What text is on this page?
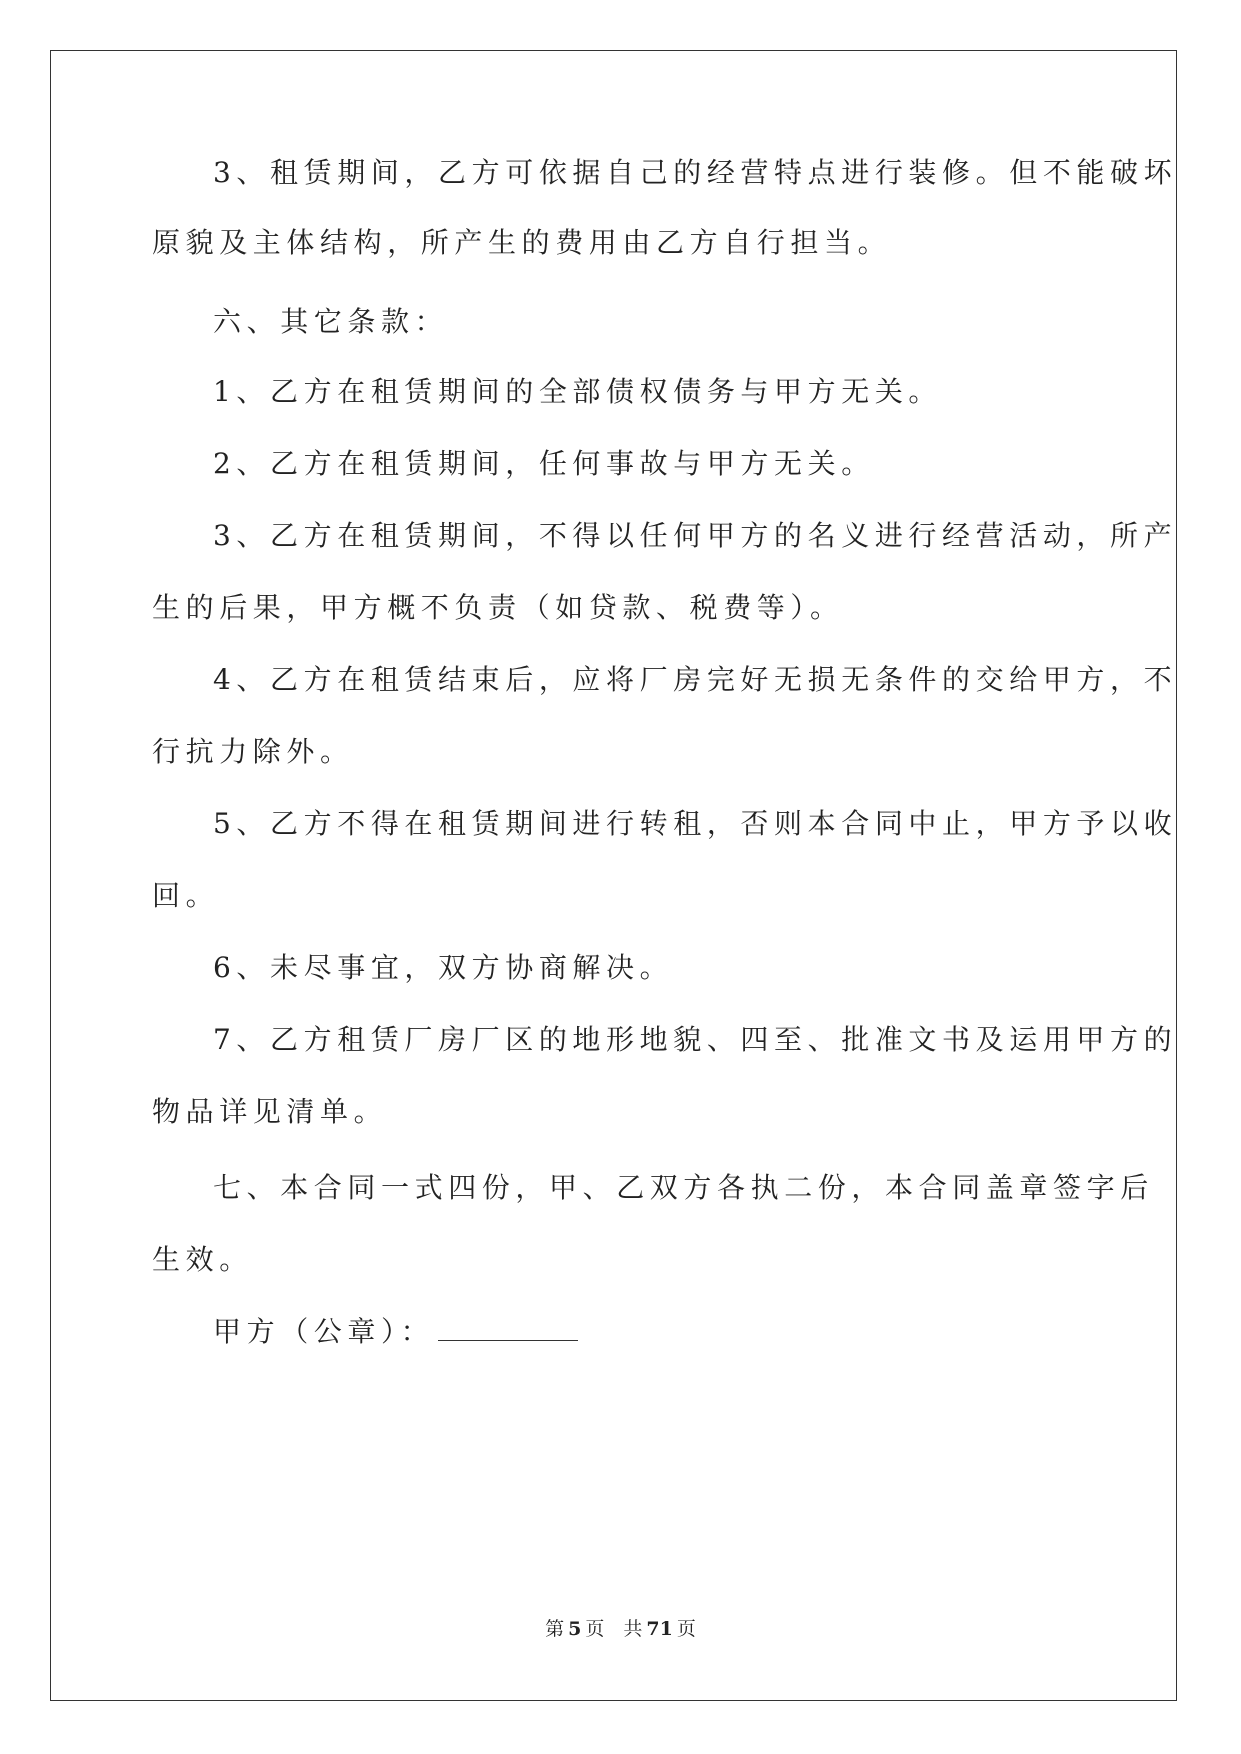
3、租赁期间，乙方可依据自己的经营特点进行装修。但不能破坏
原貌及主体结构，所产生的费用由乙方自行担当。
六、其它条款：
1、乙方在租赁期间的全部债权债务与甲方无关。
2、乙方在租赁期间，任何事故与甲方无关。
3、乙方在租赁期间，不得以任何甲方的名义进行经营活动，所产
生的后果，甲方概不负责（如贷款、税费等）。
4、乙方在租赁结束后，应将厂房完好无损无条件的交给甲方，不
行抗力除外。
5、乙方不得在租赁期间进行转租，否则本合同中止，甲方予以收
回。
6、未尽事宜，双方协商解决。
7、乙方租赁厂房厂区的地形地貌、四至、批准文书及运用甲方的
物品详见清单。
七、本合同一式四份，甲、乙双方各执二份，本合同盖章签字后
生效。
甲方（公章）：
第 5 页　共 71 页
